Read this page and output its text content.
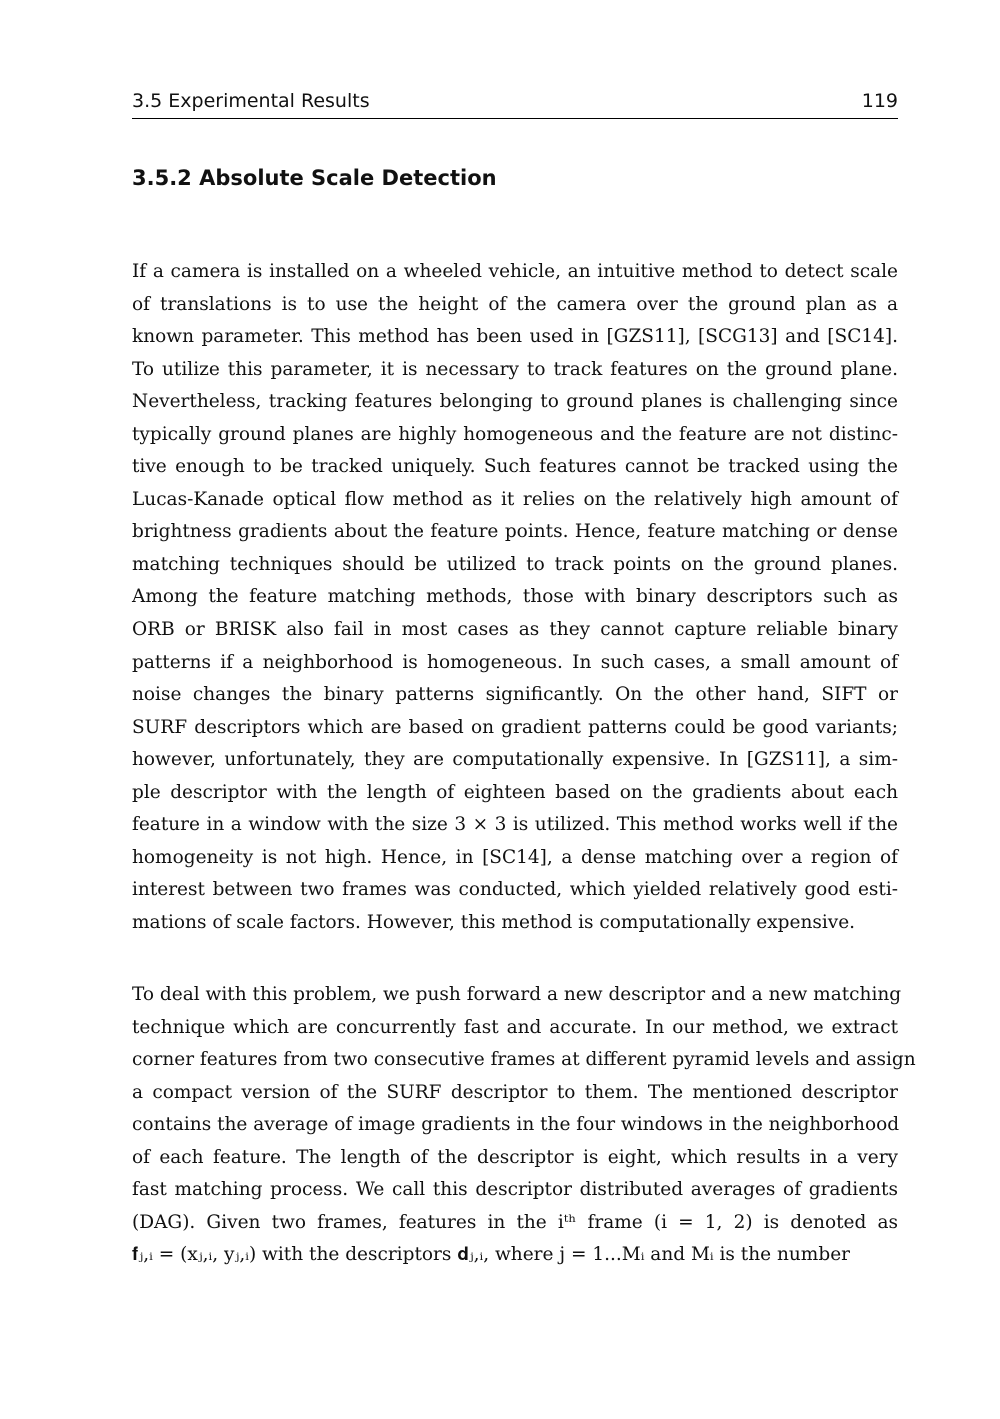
3.5 Experimental Results	119
3.5.2 Absolute Scale Detection
If a camera is installed on a wheeled vehicle, an intuitive method to detect scale
of translations is to use the height of the camera over the ground plan as a
known parameter. This method has been used in [GZS11], [SCG13] and [SC14].
To utilize this parameter, it is necessary to track features on the ground plane.
Nevertheless, tracking features belonging to ground planes is challenging since
typically ground planes are highly homogeneous and the feature are not distinc-
tive enough to be tracked uniquely. Such features cannot be tracked using the
Lucas-Kanade optical flow method as it relies on the relatively high amount of
brightness gradients about the feature points. Hence, feature matching or dense
matching techniques should be utilized to track points on the ground planes.
Among the feature matching methods, those with binary descriptors such as
ORB or BRISK also fail in most cases as they cannot capture reliable binary
patterns if a neighborhood is homogeneous. In such cases, a small amount of
noise changes the binary patterns significantly. On the other hand, SIFT or
SURF descriptors which are based on gradient patterns could be good variants;
however, unfortunately, they are computationally expensive. In [GZS11], a sim-
ple descriptor with the length of eighteen based on the gradients about each
feature in a window with the size 3 × 3 is utilized. This method works well if the
homogeneity is not high. Hence, in [SC14], a dense matching over a region of
interest between two frames was conducted, which yielded relatively good esti-
mations of scale factors. However, this method is computationally expensive.
To deal with this problem, we push forward a new descriptor and a new matching
technique which are concurrently fast and accurate. In our method, we extract
corner features from two consecutive frames at different pyramid levels and assign
a compact version of the SURF descriptor to them. The mentioned descriptor
contains the average of image gradients in the four windows in the neighborhood
of each feature. The length of the descriptor is eight, which results in a very
fast matching process. We call this descriptor distributed averages of gradients
(DAG). Given two frames, features in the iᵗʰ frame (i = 1, 2) is denoted as
𝐟ⱼ,ᵢ = (xⱼ,ᵢ, yⱼ,ᵢ) with the descriptors 𝐝ⱼ,ᵢ, where j = 1...Mᵢ and Mᵢ is the number
